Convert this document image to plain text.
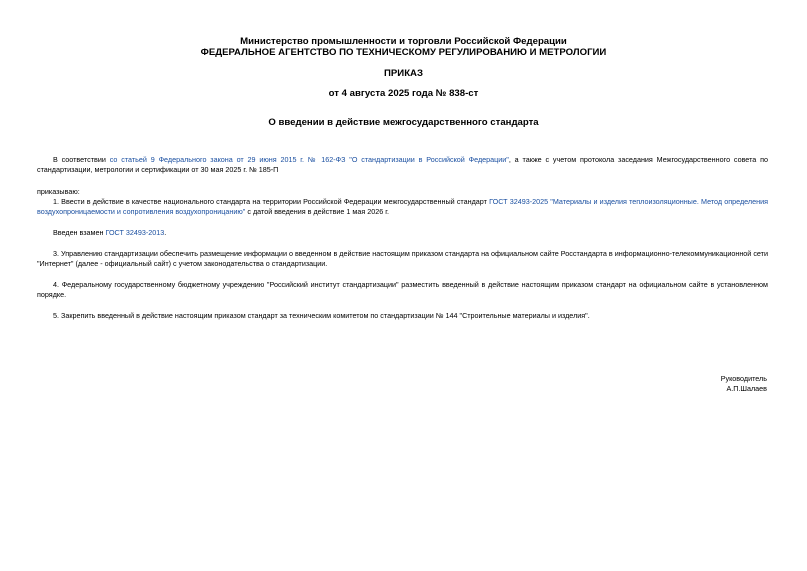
Министерство промышленности и торговли Российской Федерации
ФЕДЕРАЛЬНОЕ АГЕНТСТВО ПО ТЕХНИЧЕСКОМУ РЕГУЛИРОВАНИЮ И МЕТРОЛОГИИ
ПРИКАЗ
от 4 августа 2025 года № 838-ст
О введении в действие межгосударственного стандарта
В соответствии со статьей 9 Федерального закона от 29 июня 2015 г. № 162-ФЗ "О стандартизации в Российской Федерации", а также с учетом протокола заседания Межгосударственного совета по стандартизации, метрологии и сертификации от 30 мая 2025 г. № 185-П
приказываю:
1. Ввести в действие в качестве национального стандарта на территории Российской Федерации межгосударственный стандарт ГОСТ 32493-2025 "Материалы и изделия теплоизоляционные. Метод определения воздухопроницаемости и сопротивления воздухопроницанию" с датой введения в действие 1 мая 2026 г.
Введен взамен ГОСТ 32493-2013.
3. Управлению стандартизации обеспечить размещение информации о введенном в действие настоящим приказом стандарта на официальном сайте Росстандарта в информационно-телекоммуникационной сети "Интернет" (далее - официальный сайт) с учетом законодательства о стандартизации.
4. Федеральному государственному бюджетному учреждению "Российский институт стандартизации" разместить введенный в действие настоящим приказом стандарт на официальном сайте в установленном порядке.
5. Закрепить введенный в действие настоящим приказом стандарт за техническим комитетом по стандартизации № 144 "Строительные материалы и изделия".
Руководитель
А.П.Шалаев
